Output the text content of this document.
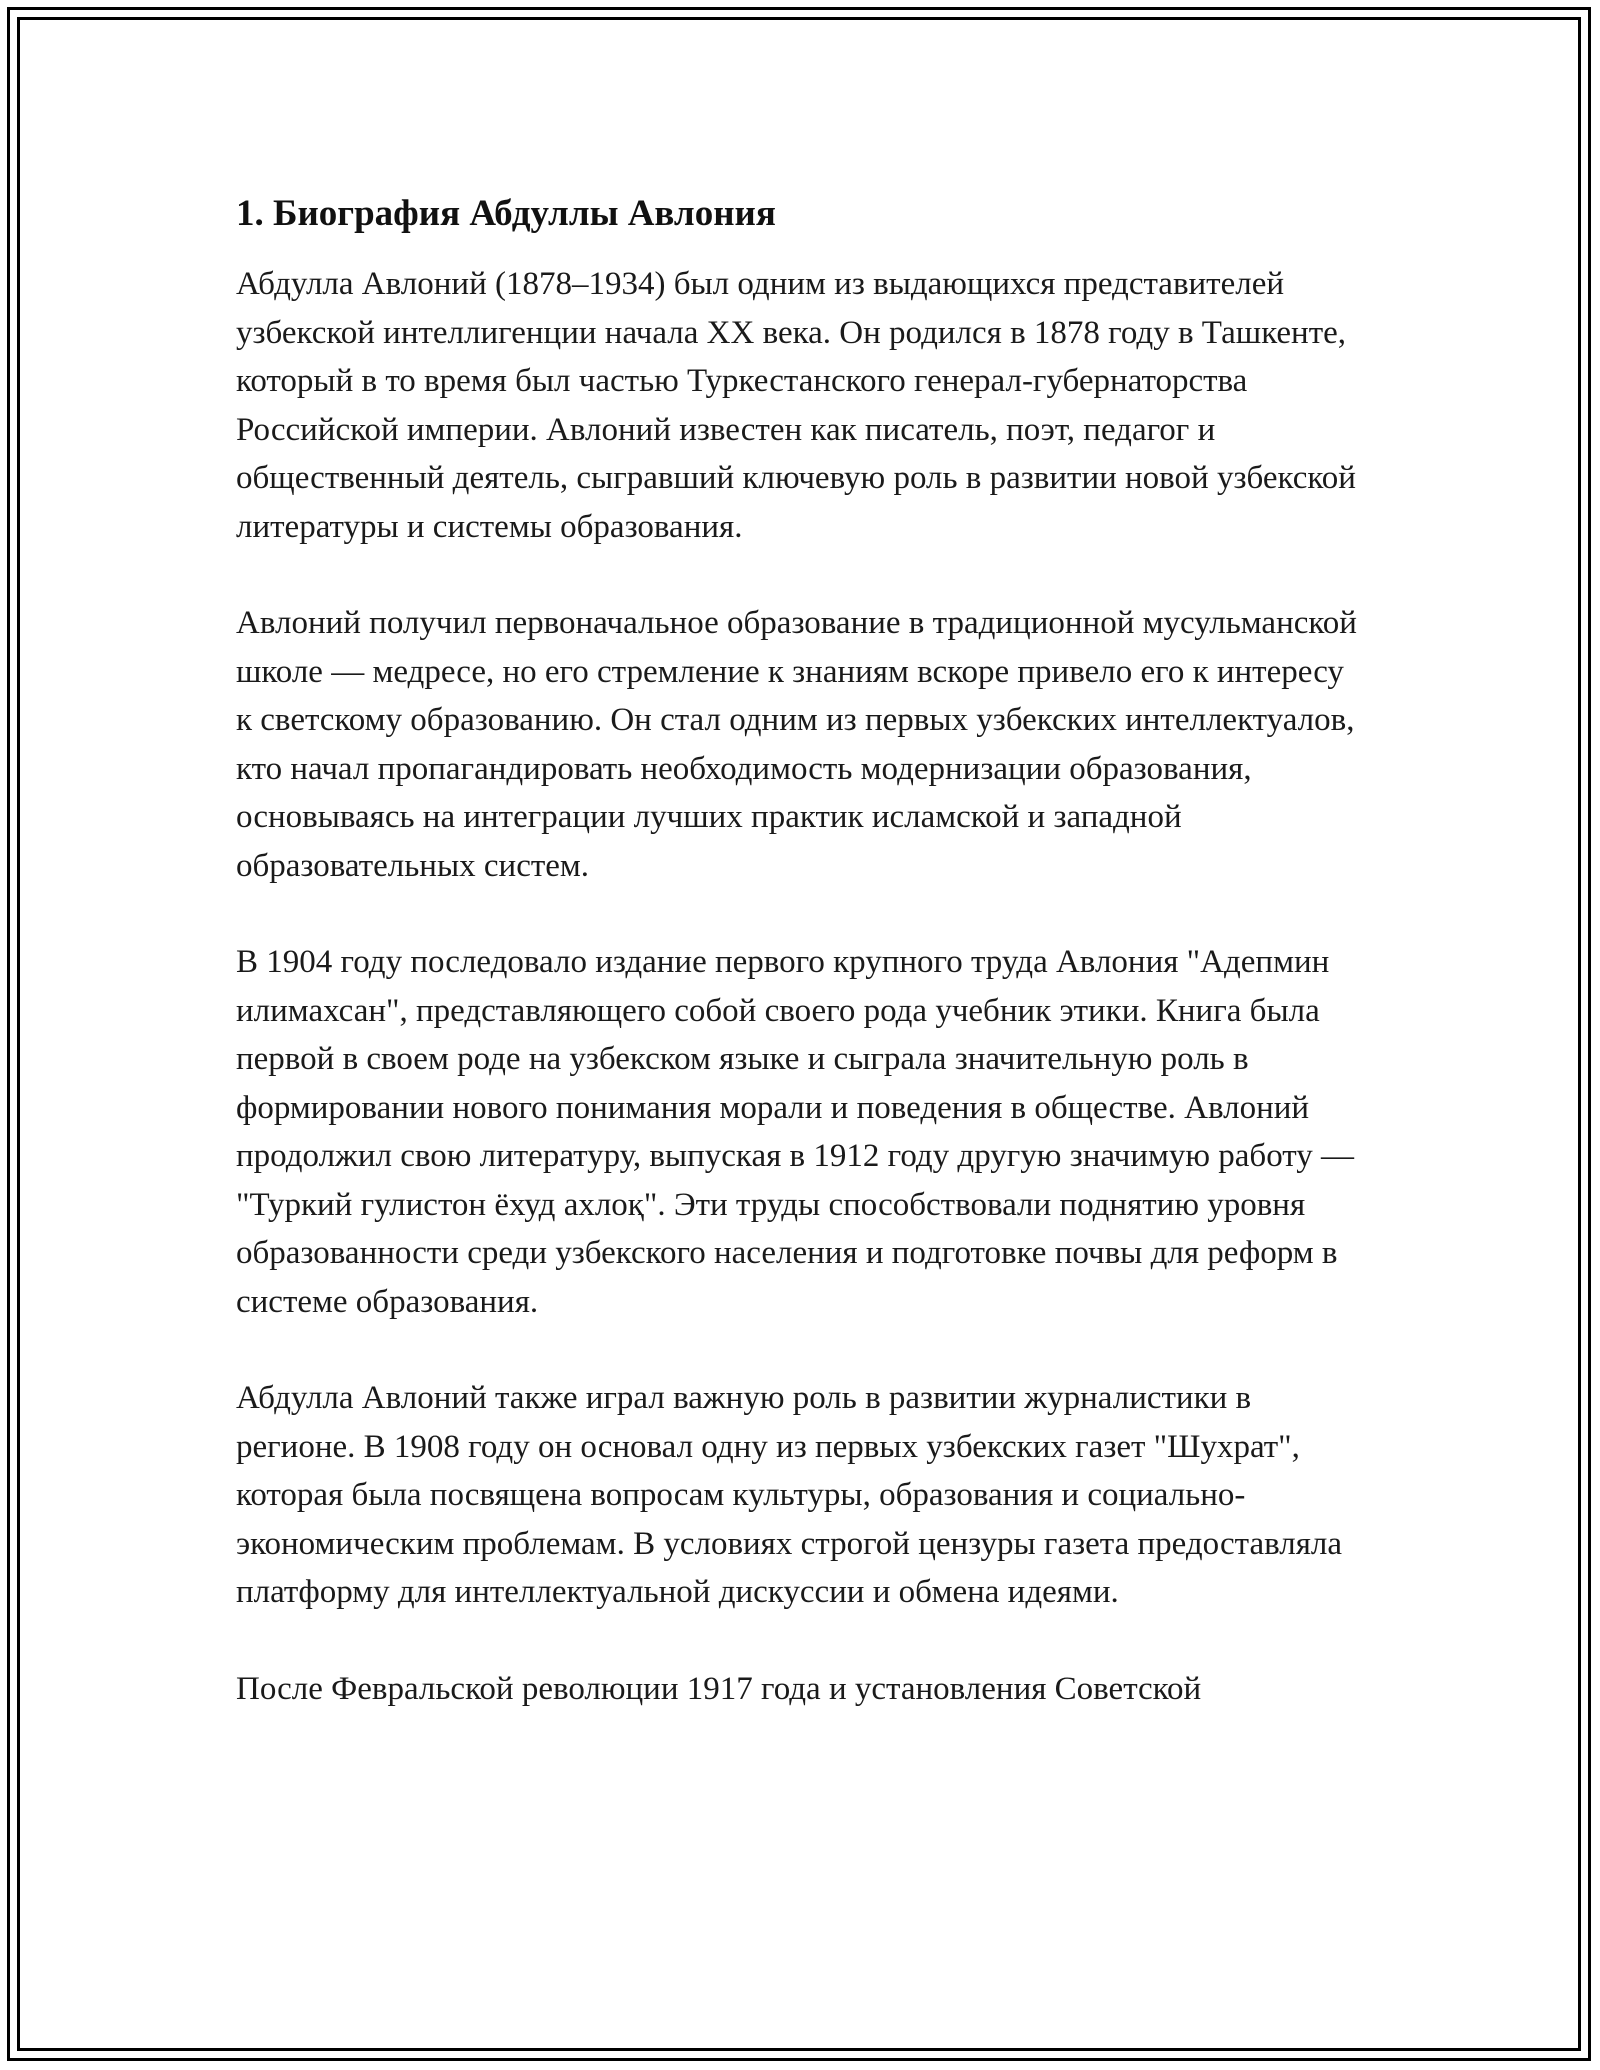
1. Биография Абдуллы Авлония

Абдулла Авлоний (1878–1934) был одним из выдающихся представителей узбекской интеллигенции начала XX века. Он родился в 1878 году в Ташкенте, который в то время был частью Туркестанского генерал-губернаторства Российской империи. Авлоний известен как писатель, поэт, педагог и общественный деятель, сыгравший ключевую роль в развитии новой узбекской литературы и системы образования.

Авлоний получил первоначальное образование в традиционной мусульманской школе — медресе, но его стремление к знаниям вскоре привело его к интересу к светскому образованию. Он стал одним из первых узбекских интеллектуалов, кто начал пропагандировать необходимость модернизации образования, основываясь на интеграции лучших практик исламской и западной образовательных систем.

В 1904 году последовало издание первого крупного труда Авлония "Адепмин илимахсан", представляющего собой своего рода учебник этики. Книга была первой в своем роде на узбекском языке и сыграла значительную роль в формировании нового понимания морали и поведения в обществе. Авлоний продолжил свою литературу, выпуская в 1912 году другую значимую работу — "Туркий гулистон ёхуд ахлоқ". Эти труды способствовали поднятию уровня образованности среди узбекского населения и подготовке почвы для реформ в системе образования.

Абдулла Авлоний также играл важную роль в развитии журналистики в регионе. В 1908 году он основал одну из первых узбекских газет "Шухрат", которая была посвящена вопросам культуры, образования и социально-экономическим проблемам. В условиях строгой цензуры газета предоставляла платформу для интеллектуальной дискуссии и обмена идеями.

После Февральской революции 1917 года и установления Советской
